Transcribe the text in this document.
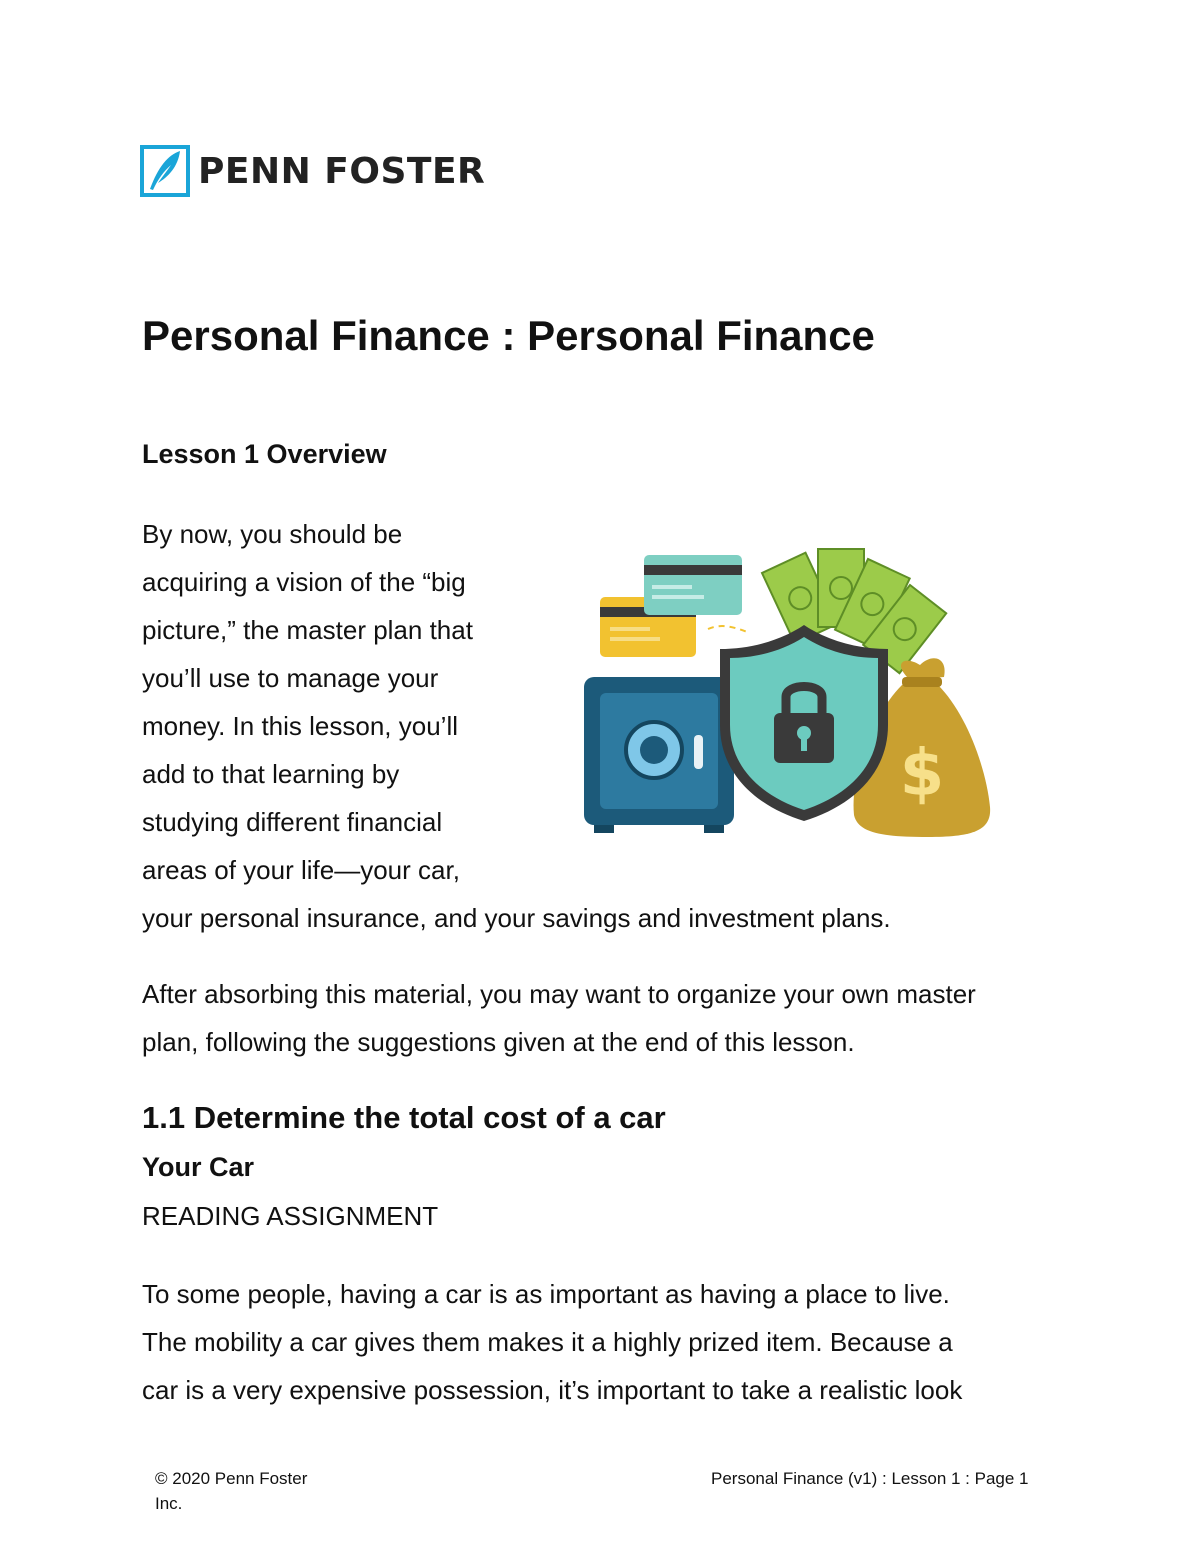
PENN FOSTER
Personal Finance : Personal Finance
Lesson 1 Overview

By now, you should be

acquiring a vision of the “big

picture,” the master plan that

you’ll use to manage your

money. In this lesson, you’ll

add to that learning by

studying different financial

areas of your life—your car,

your personal insurance, and your savings and investment plans.

After absorbing this material, you may want to organize your own master

plan, following the suggestions given at the end of this lesson.

$
1.1 Determine the total cost of a car
Your Car

READING ASSIGNMENT

To some people, having a car is as important as having a place to live.

The mobility a car gives them makes it a highly prized item. Because a

car is a very expensive possession, it’s important to take a realistic look

© 2020 Penn Foster
Inc.
Personal Finance (v1) : Lesson 1 : Page 1
